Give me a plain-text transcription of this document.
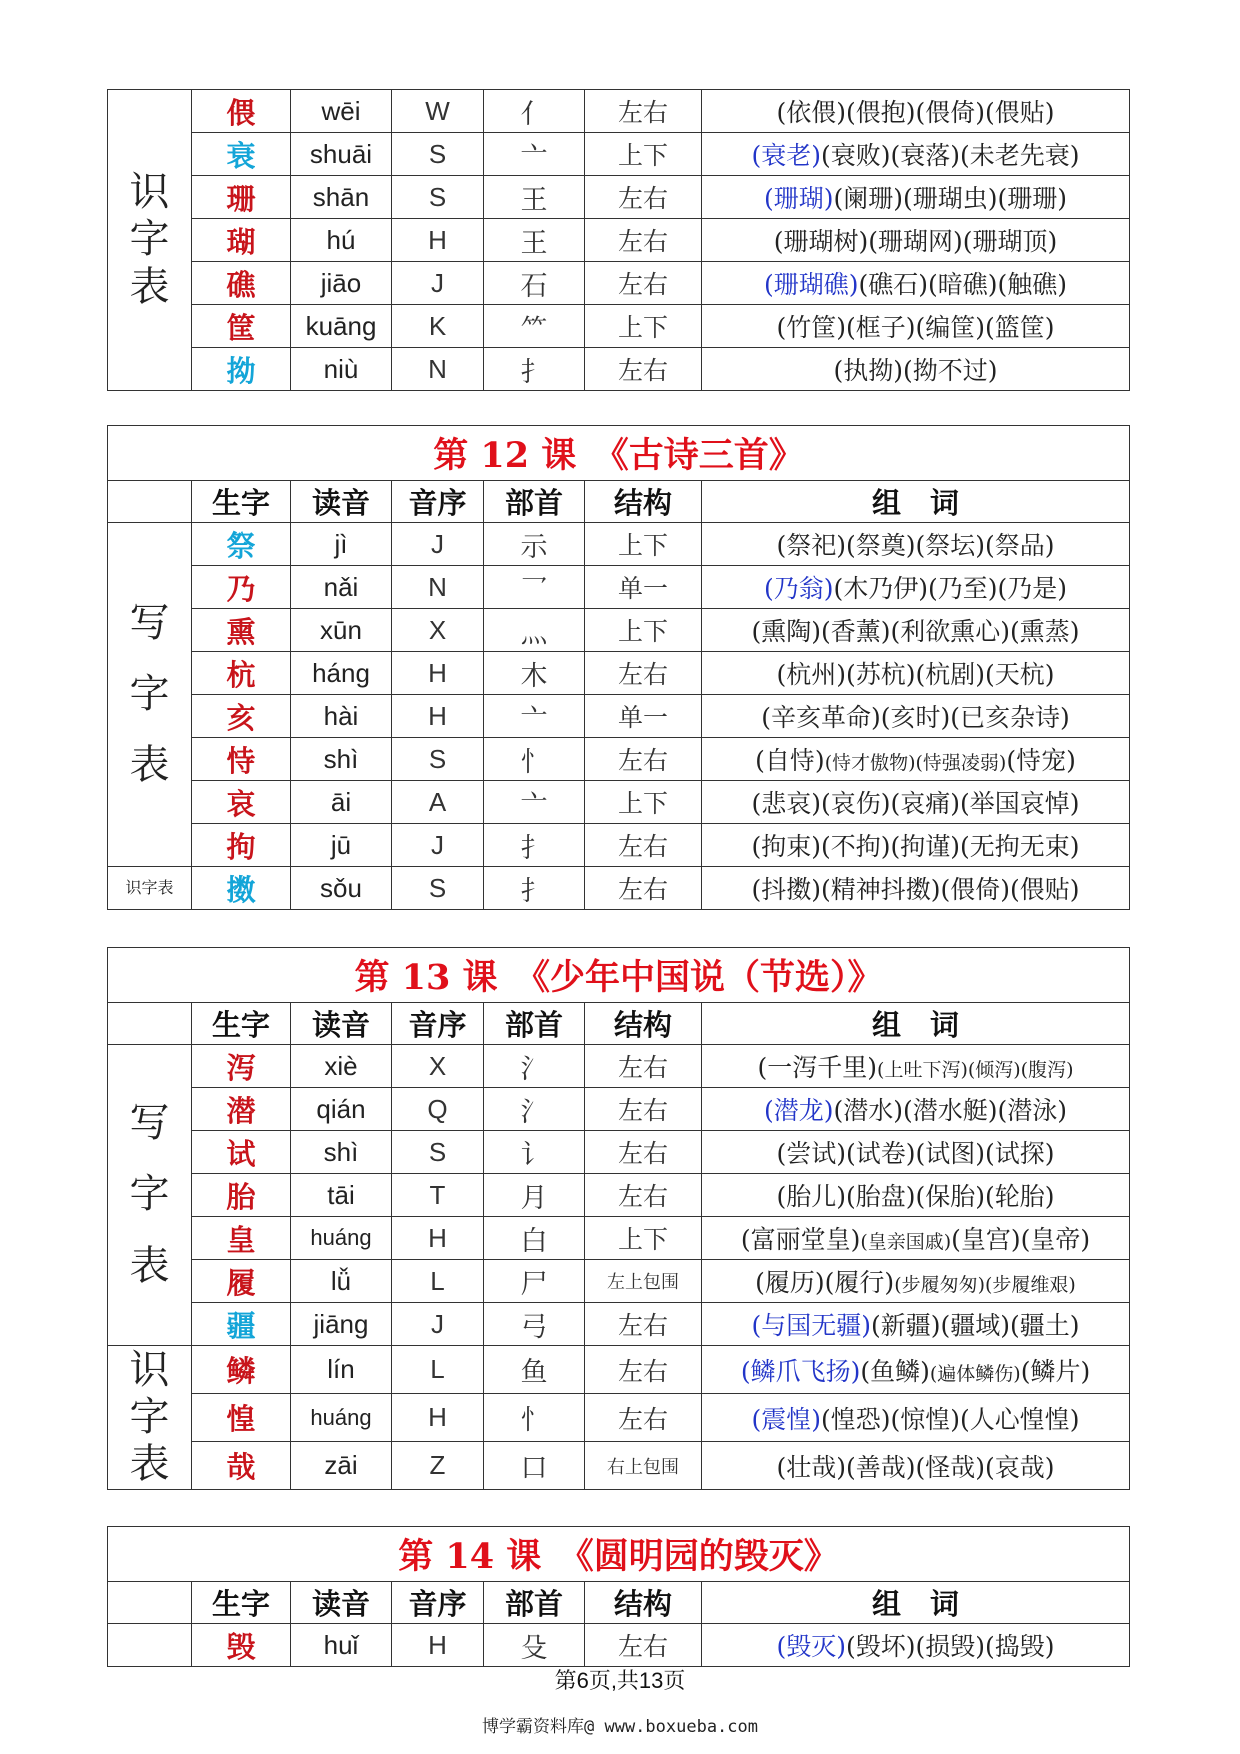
识
字
表	偎	wēi	W	亻	左右	(依偎)(偎抱)(偎倚)(偎贴)
	衰	shuāi	S	亠	上下	(衰老)(衰败)(衰落)(未老先衰)
	珊	shān	S	王	左右	(珊瑚)(阑珊)(珊瑚虫)(珊珊)
	瑚	hú	H	王	左右	(珊瑚树)(珊瑚网)(珊瑚顶)
	礁	jiāo	J	石	左右	(珊瑚礁)(礁石)(暗礁)(触礁)
	筐	kuāng	K	⺮	上下	(竹筐)(框子)(编筐)(篮筐)
	拗	niù	N	扌	左右	(执拗)(拗不过)
第 12 课　《古诗三首》						
	生字	读音	音序	部首	结构	组　词
写
字
表	祭	jì	J	示	上下	(祭祀)(祭奠)(祭坛)(祭品)
	乃	nǎi	N	乛	单一	(乃翁)(木乃伊)(乃至)(乃是)
	熏	xūn	X	灬	上下	(熏陶)(香薰)(利欲熏心)(熏蒸)
	杭	háng	H	木	左右	(杭州)(苏杭)(杭剧)(天杭)
	亥	hài	H	亠	单一	(辛亥革命)(亥时)(已亥杂诗)
	恃	shì	S	忄	左右	(自恃)(恃才傲物)(恃强凌弱)(恃宠)
	哀	āi	A	亠	上下	(悲哀)(哀伤)(哀痛)(举国哀悼)
	拘	jū	J	扌	左右	(拘束)(不拘)(拘谨)(无拘无束)
识字表	擞	sǒu	S	扌	左右	(抖擞)(精神抖擞)(偎倚)(偎贴)
第 13 课　《少年中国说（节选）》						
	生字	读音	音序	部首	结构	组　词
写
字
表	泻	xiè	X	氵	左右	(一泻千里)(上吐下泻)(倾泻)(腹泻)
	潜	qián	Q	氵	左右	(潜龙)(潜水)(潜水艇)(潜泳)
	试	shì	S	讠	左右	(尝试)(试卷)(试图)(试探)
	胎	tāi	T	月	左右	(胎儿)(胎盘)(保胎)(轮胎)
	皇	huáng	H	白	上下	(富丽堂皇)(皇亲国戚)(皇宫)(皇帝)
	履	lǚ	L	尸	左上包围	(履历)(履行)(步履匆匆)(步履维艰)
	疆	jiāng	J	弓	左右	(与国无疆)(新疆)(疆域)(疆土)
识
字
表	鳞	lín	L	鱼	左右	(鳞爪飞扬)(鱼鳞)(遍体鳞伤)(鳞片)
	惶	huáng	H	忄	左右	(震惶)(惶恐)(惊惶)(人心惶惶)
	哉	zāi	Z	口	右上包围	(壮哉)(善哉)(怪哉)(哀哉)
第 14 课　《圆明园的毁灭》						
	生字	读音	音序	部首	结构	组　词
	毁	huǐ	H	殳	左右	(毁灭)(毁坏)(损毁)(捣毁)
第6页,共13页
博学霸资料库@ www.boxueba.com
